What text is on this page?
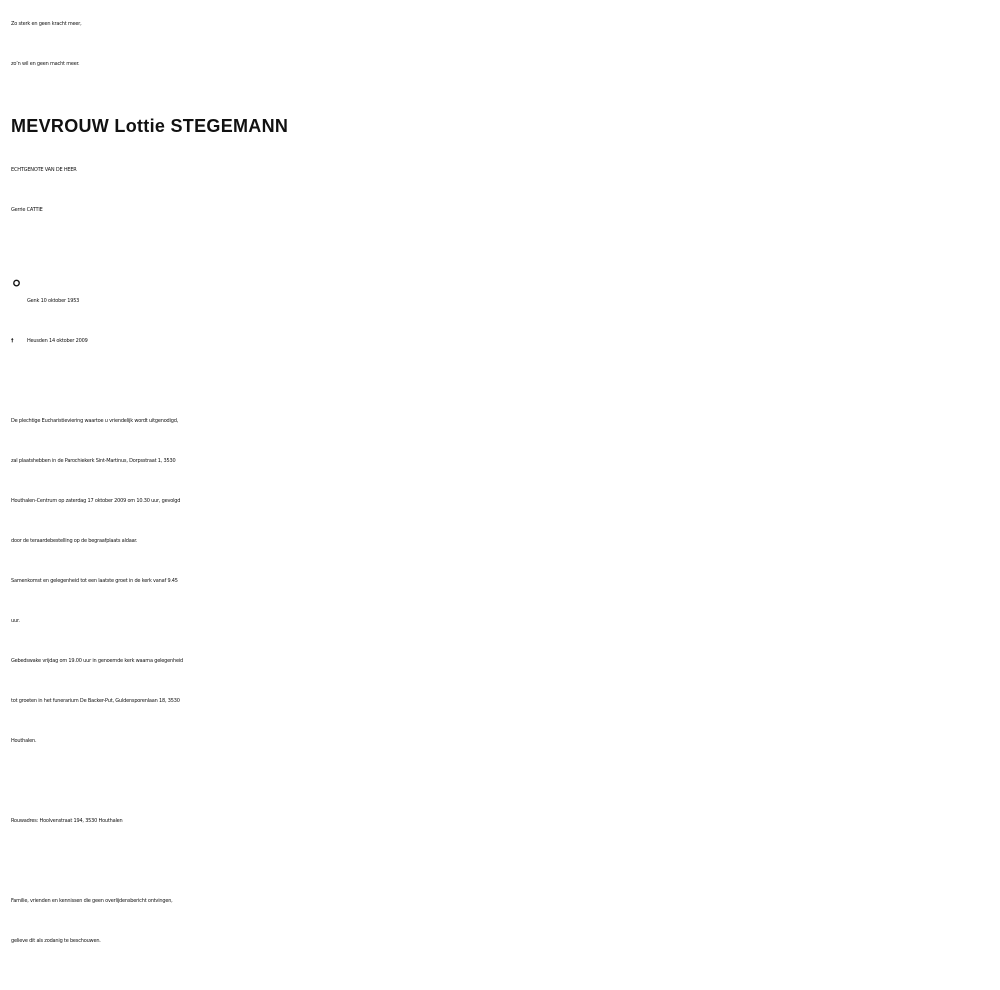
Zo sterk en geen kracht meer,
zo’n wil en geen macht meer.
MEVROUW Lottie STEGEMANN
ECHTGENOTE VAN DE HEER
Gerrie CATTIE
° Genk 10 oktober 1953
†	Heusden 14 oktober 2009
De plechtige Eucharistieviering waartoe u vriendelijk wordt uitgenodigd,
zal plaatshebben in de Parochiekerk Sint-Martinus, Dorpsstraat 1, 3530
Houthalen-Centrum op zaterdag 17 oktober 2009 om 10.30 uur, gevolgd
door de teraardebestelling op de begraafplaats aldaar.
Samenkomst en gelegenheid tot een laatste groet in de kerk vanaf 9.45
uur.
Gebedswake vrijdag om 19.00 uur in genoemde kerk waarna gelegenheid
tot groeten in het funerarium De Backer-Put, Guldensporenlaan 18, 3530
Houthalen.
Rouwadres: Hoolvenstraat 194, 3530 Houthalen
Familie, vrienden en kennissen die geen overlijdensbericht ontvingen,
gelieve dit als zodanig te beschouwen.
